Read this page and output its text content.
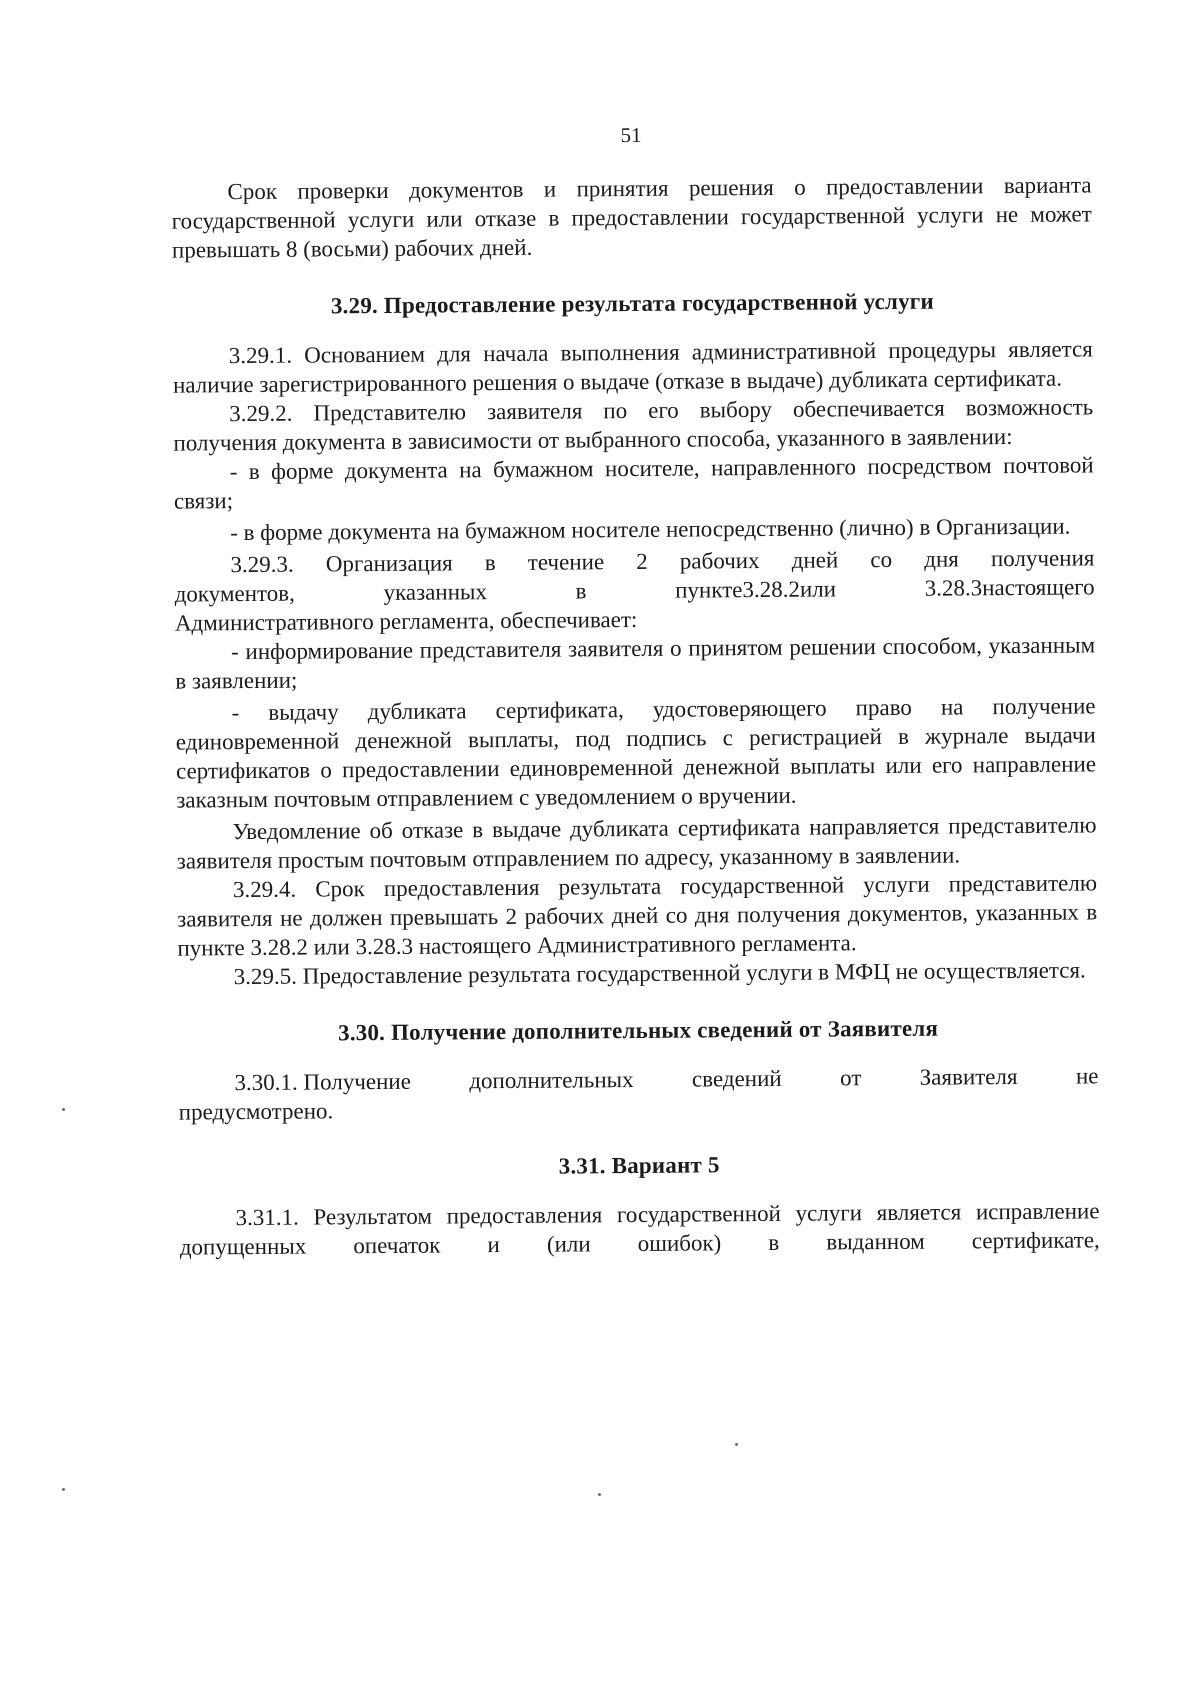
51

Срок проверки документов и принятия решения о предоставлении варианта государственной услуги или отказе в предоставлении государственной услуги не может превышать 8 (восьми) рабочих дней.

3.29. Предоставление результата государственной услуги

3.29.1. Основанием для начала выполнения административной процедуры является наличие зарегистрированного решения о выдаче (отказе в выдаче) дубликата сертификата.

3.29.2. Представителю заявителя по его выбору обеспечивается возможность получения документа в зависимости от выбранного способа, указанного в заявлении:

- в форме документа на бумажном носителе, направленного посредством почтовой связи;

- в форме документа на бумажном носителе непосредственно (лично) в Организации.

3.29.3. Организация в течение 2 рабочих дней со дня получения
документов,	указанных	в	пункте3.28.2или	3.28.3настоящего
Административного регламента, обеспечивает:

- информирование представителя заявителя о принятом решении способом, указанным в заявлении;

- выдачу дубликата сертификата, удостоверяющего право на получение единовременной денежной выплаты, под подпись с регистрацией в журнале выдачи сертификатов о предоставлении единовременной денежной выплаты или его направление заказным почтовым отправлением с уведомлением о вручении.

Уведомление об отказе в выдаче дубликата сертификата направляется представителю заявителя простым почтовым отправлением по адресу, указанному в заявлении.

3.29.4. Срок предоставления результата государственной услуги представителю заявителя не должен превышать 2 рабочих дней со дня получения документов, указанных в пункте 3.28.2 или 3.28.3 настоящего Административного регламента.

3.29.5. Предоставление результата государственной услуги в МФЦ не осуществляется.

3.30. Получение дополнительных сведений от Заявителя
3.30.1. Получение	дополнительных	сведений	от	Заявителя	не
предусмотрено.
3.31. Вариант 5

3.31.1. Результатом предоставления государственной услуги является исправление допущенных опечаток и (или ошибок) в выданном сертификате,
